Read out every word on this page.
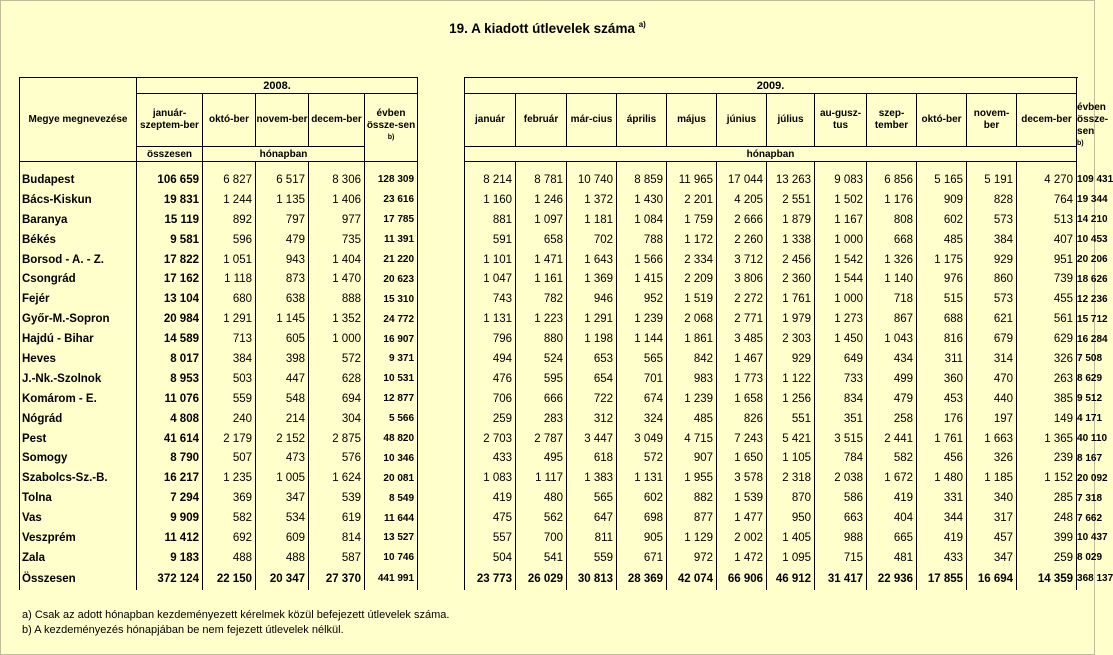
19. A kiadott útlevelek száma $^{a)}$
Megye megnevezése	2008.						2009.												
	január-szeptem-ber	októ-ber	novem-ber	decem-ber	évben össze-sen
$^{b)}$		január	február	már-cius	április	május	június	július	au-gusz-tus	szep-tember	októ-ber	novem-ber	decem-ber	évben össze-sen
$^{b)}$
	összesen	hónapban					hónapban												

Budapest	106 659	6 827	6 517	8 306	128 309		8 214	8 781	10 740	8 859	11 965	17 044	13 263	9 083	6 856	5 165	5 191	4 270	109 431
Bács-Kiskun	19 831	1 244	1 135	1 406	23 616		1 160	1 246	1 372	1 430	2 201	4 205	2 551	1 502	1 176	909	828	764	19 344
Baranya	15 119	892	797	977	17 785		881	1 097	1 181	1 084	1 759	2 666	1 879	1 167	808	602	573	513	14 210
Békés	9 581	596	479	735	11 391		591	658	702	788	1 172	2 260	1 338	1 000	668	485	384	407	10 453
Borsod - A. - Z.	17 822	1 051	943	1 404	21 220		1 101	1 471	1 643	1 566	2 334	3 712	2 456	1 542	1 326	1 175	929	951	20 206
Csongrád	17 162	1 118	873	1 470	20 623		1 047	1 161	1 369	1 415	2 209	3 806	2 360	1 544	1 140	976	860	739	18 626
Fejér	13 104	680	638	888	15 310		743	782	946	952	1 519	2 272	1 761	1 000	718	515	573	455	12 236
Győr-M.-Sopron	20 984	1 291	1 145	1 352	24 772		1 131	1 223	1 291	1 239	2 068	2 771	1 979	1 273	867	688	621	561	15 712
Hajdú - Bihar	14 589	713	605	1 000	16 907		796	880	1 198	1 144	1 861	3 485	2 303	1 450	1 043	816	679	629	16 284
Heves	8 017	384	398	572	9 371		494	524	653	565	842	1 467	929	649	434	311	314	326	7 508
J.-Nk.-Szolnok	8 953	503	447	628	10 531		476	595	654	701	983	1 773	1 122	733	499	360	470	263	8 629
Komárom - E.	11 076	559	548	694	12 877		706	666	722	674	1 239	1 658	1 256	834	479	453	440	385	9 512
Nógrád	4 808	240	214	304	5 566		259	283	312	324	485	826	551	351	258	176	197	149	4 171
Pest	41 614	2 179	2 152	2 875	48 820		2 703	2 787	3 447	3 049	4 715	7 243	5 421	3 515	2 441	1 761	1 663	1 365	40 110
Somogy	8 790	507	473	576	10 346		433	495	618	572	907	1 650	1 105	784	582	456	326	239	8 167
Szabolcs-Sz.-B.	16 217	1 235	1 005	1 624	20 081		1 083	1 117	1 383	1 131	1 955	3 578	2 318	2 038	1 672	1 480	1 185	1 152	20 092
Tolna	7 294	369	347	539	8 549		419	480	565	602	882	1 539	870	586	419	331	340	285	7 318
Vas	9 909	582	534	619	11 644		475	562	647	698	877	1 477	950	663	404	344	317	248	7 662
Veszprém	11 412	692	609	814	13 527		557	700	811	905	1 129	2 002	1 405	988	665	419	457	399	10 437
Zala	9 183	488	488	587	10 746		504	541	559	671	972	1 472	1 095	715	481	433	347	259	8 029
Összesen	372 124	22 150	20 347	27 370	441 991		23 773	26 029	30 813	28 369	42 074	66 906	46 912	31 417	22 936	17 855	16 694	14 359	368 137
a) Csak az adott hónapban kezdeményezett kérelmek közül befejezett útlevelek száma.
b) A kezdeményezés hónapjában be nem fejezett útlevelek nélkül.
